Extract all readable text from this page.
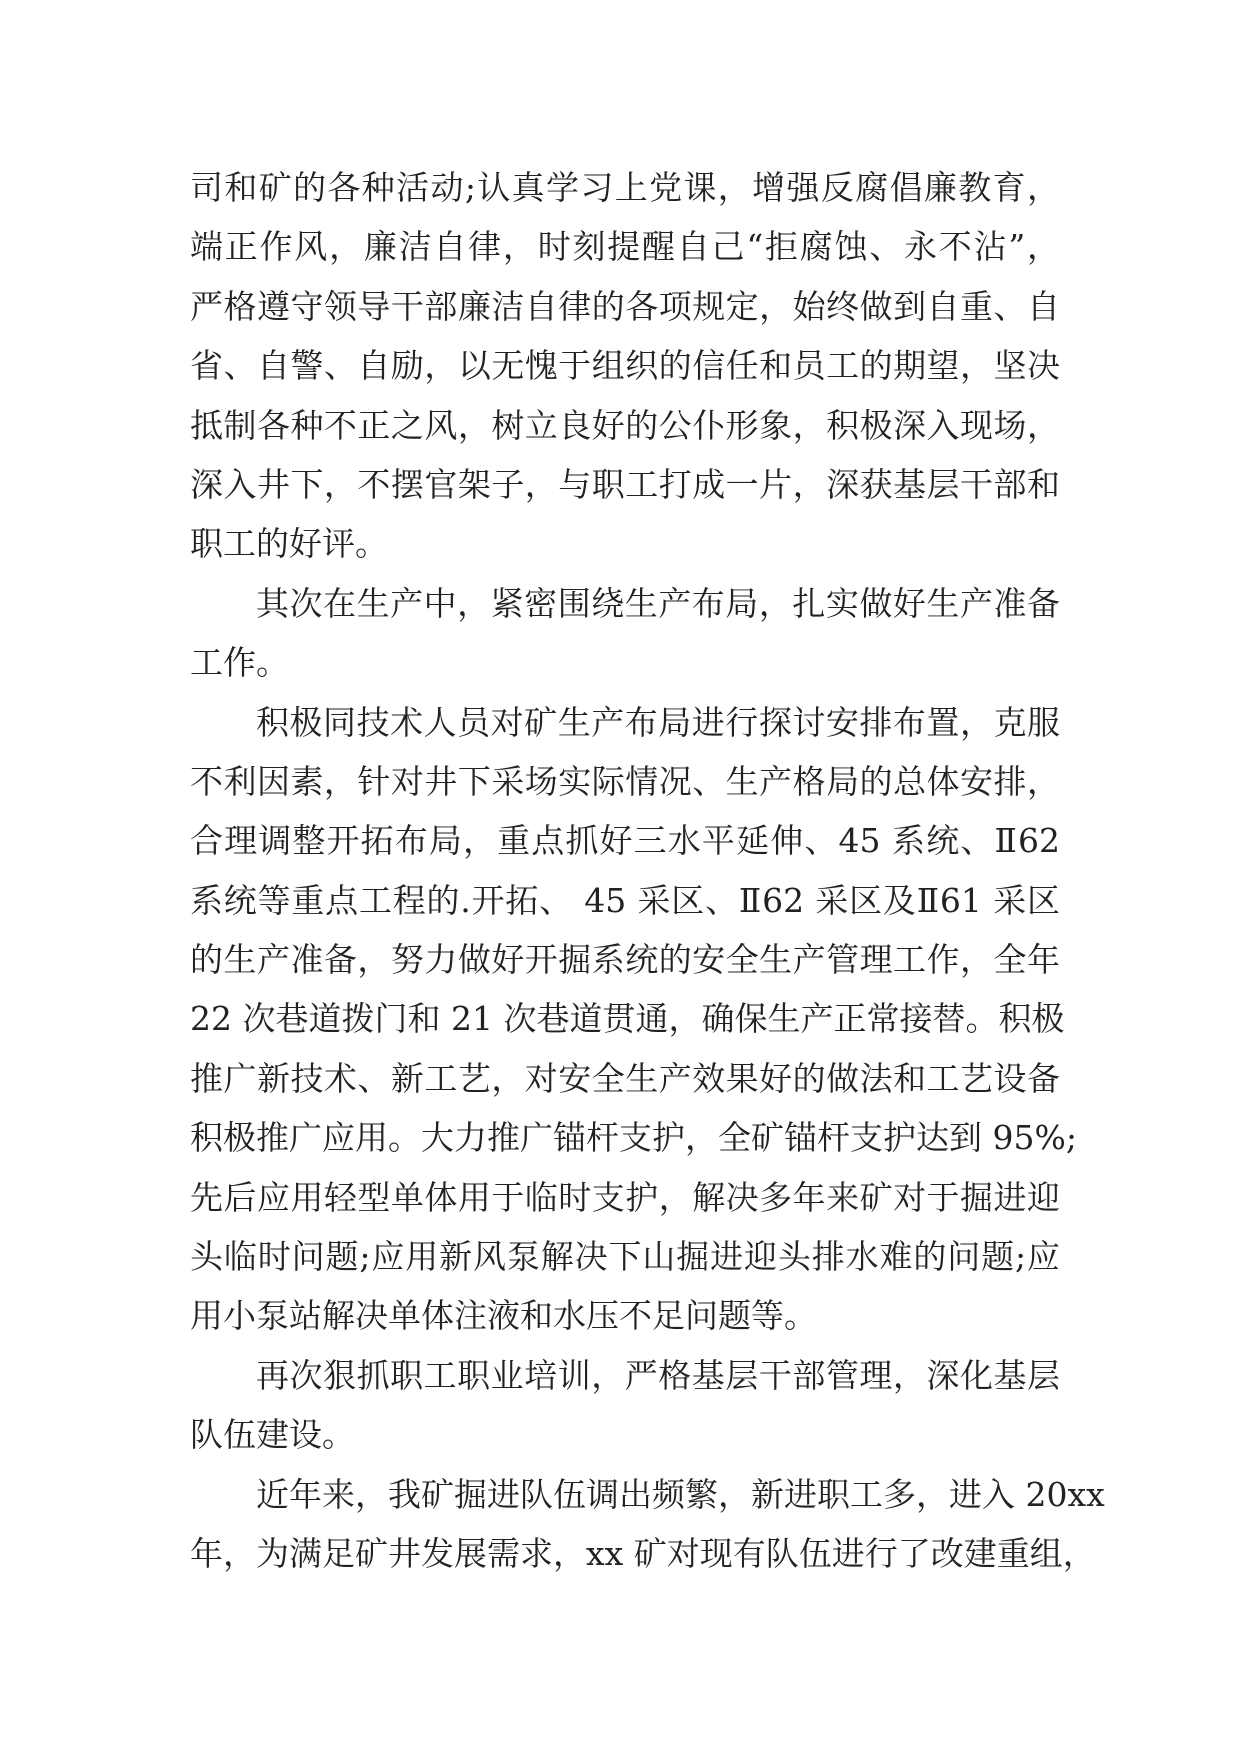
司和矿的各种活动;认真学习上党课，增强反腐倡廉教育，
端正作风，廉洁自律，时刻提醒自己“拒腐蚀、永不沾”，
严格遵守领导干部廉洁自律的各项规定，始终做到自重、自
省、自警、自励，以无愧于组织的信任和员工的期望，坚决
抵制各种不正之风，树立良好的公仆形象，积极深入现场，
深入井下，不摆官架子，与职工打成一片，深获基层干部和
职工的好评。
其次在生产中，紧密围绕生产布局，扎实做好生产准备
工作。
积极同技术人员对矿生产布局进行探讨安排布置，克服
不利因素，针对井下采场实际情况、生产格局的总体安排，
合理调整开拓布局，重点抓好三水平延伸、45 系统、Ⅱ62
系统等重点工程的.开拓、 45 采区、Ⅱ62 采区及Ⅱ61 采区
的生产准备，努力做好开掘系统的安全生产管理工作，全年
22 次巷道拨门和 21 次巷道贯通，确保生产正常接替。积极
推广新技术、新工艺，对安全生产效果好的做法和工艺设备
积极推广应用。大力推广锚杆支护，全矿锚杆支护达到 95%;
先后应用轻型单体用于临时支护，解决多年来矿对于掘进迎
头临时问题;应用新风泵解决下山掘进迎头排水难的问题;应
用小泵站解决单体注液和水压不足问题等。
再次狠抓职工职业培训，严格基层干部管理，深化基层
队伍建设。
近年来，我矿掘进队伍调出频繁，新进职工多，进入 20xx
年，为满足矿井发展需求，xx 矿对现有队伍进行了改建重组，
